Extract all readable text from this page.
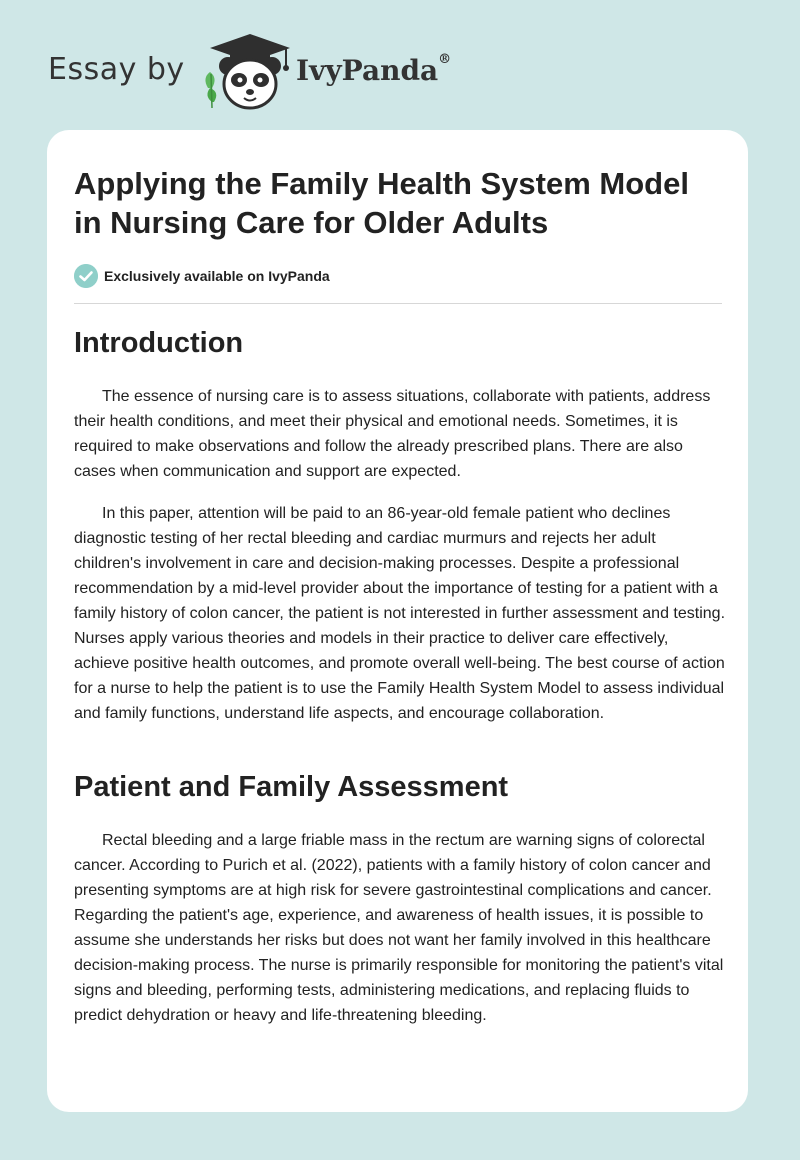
Essay by	IvyPanda®
Applying the Family Health System Model in Nursing Care for Older Adults
Exclusively available on IvyPanda
Introduction

The essence of nursing care is to assess situations, collaborate with patients, address their health conditions, and meet their physical and emotional needs. Sometimes, it is required to make observations and follow the already prescribed plans. There are also cases when communication and support are expected.

In this paper, attention will be paid to an 86-year-old female patient who declines diagnostic testing of her rectal bleeding and cardiac murmurs and rejects her adult children's involvement in care and decision-making processes. Despite a professional recommendation by a mid-level provider about the importance of testing for a patient with a family history of colon cancer, the patient is not interested in further assessment and testing. Nurses apply various theories and models in their practice to deliver care effectively, achieve positive health outcomes, and promote overall well-being. The best course of action for a nurse to help the patient is to use the Family Health System Model to assess individual and family functions, understand life aspects, and encourage collaboration.

Patient and Family Assessment

Rectal bleeding and a large friable mass in the rectum are warning signs of colorectal cancer. According to Purich et al. (2022), patients with a family history of colon cancer and presenting symptoms are at high risk for severe gastrointestinal complications and cancer. Regarding the patient's age, experience, and awareness of health issues, it is possible to assume she understands her risks but does not want her family involved in this healthcare decision-making process. The nurse is primarily responsible for monitoring the patient's vital signs and bleeding, performing tests, administering medications, and replacing fluids to predict dehydration or heavy and life-threatening bleeding.
